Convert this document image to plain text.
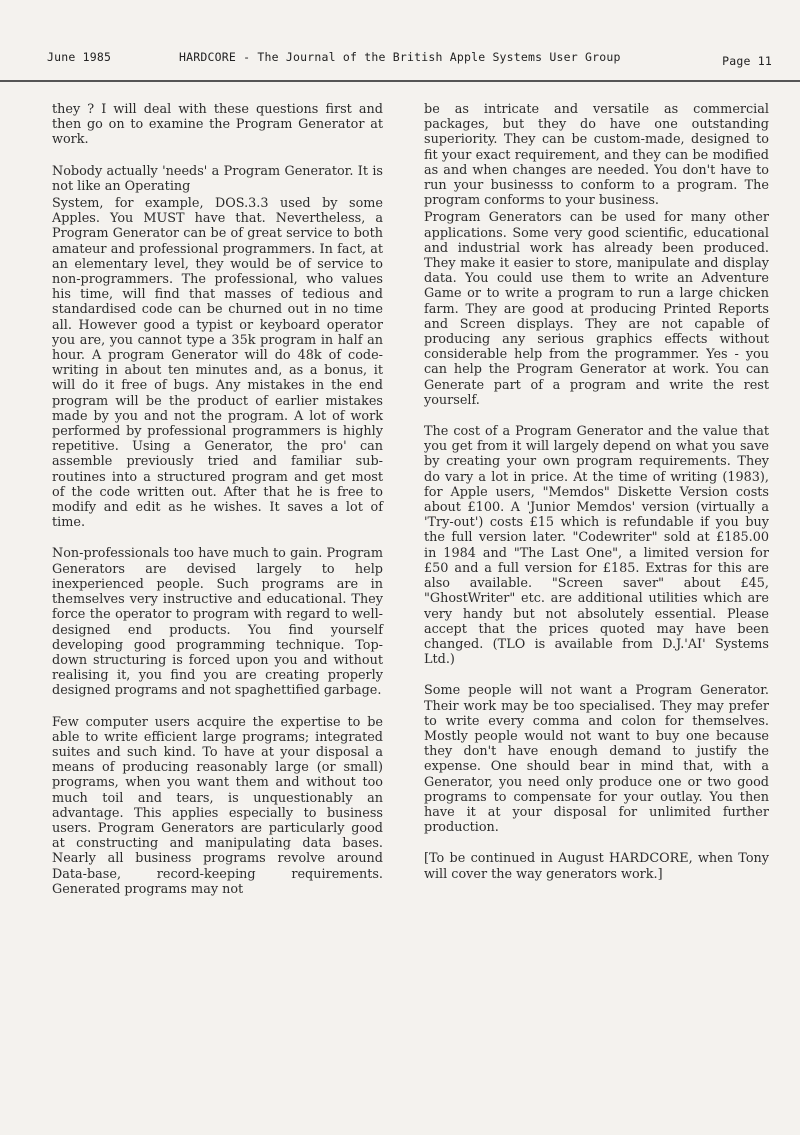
June 1985	HARDCORE - The Journal of the British Apple Systems User Group	Page 11

they ? I will deal with these questions first and then go on to examine the Program Generator at work.

Nobody actually 'needs' a Program Generator. It is not like an Operating

System, for example, DOS.3.3 used by some Apples. You MUST have that. Nevertheless, a Program Generator can be of great service to both amateur and professional programmers. In fact, at an elementary level, they would be of service to non-programmers. The professional, who values his time, will find that masses of tedious and standardised code can be churned out in no time all. However good a typist or keyboard operator you are, you cannot type a 35k program in half an hour. A program Generator will do 48k of code-writing in about ten minutes and, as a bonus, it will do it free of bugs. Any mistakes in the end program will be the product of earlier mistakes made by you and not the program. A lot of work performed by professional programmers is highly repetitive. Using a Generator, the pro' can assemble previously tried and familiar sub-routines into a structured program and get most of the code written out. After that he is free to modify and edit as he wishes. It saves a lot of time.

Non-professionals too have much to gain. Program Generators are devised largely to help inexperienced people. Such programs are in themselves very instructive and educational. They force the operator to program with regard to well-designed end products. You find yourself developing good programming technique. Top-down structuring is forced upon you and without realising it, you find you are creating properly designed programs and not spaghettified garbage.

Few computer users acquire the expertise to be able to write efficient large programs; integrated suites and such kind. To have at your disposal a means of producing reasonably large (or small) programs, when you want them and without too much toil and tears, is unquestionably an advantage. This applies especially to business users. Program Generators are particularly good at constructing and manipulating data bases. Nearly all business programs revolve around Data-base, record-keeping requirements. Generated programs may not

be as intricate and versatile as commercial packages, but they do have one outstanding superiority. They can be custom-made, designed to fit your exact requirement, and they can be modified as and when changes are needed. You don't have to run your businesss to conform to a program. The program conforms to your business.

Program Generators can be used for many other applications. Some very good scientific, educational and industrial work has already been produced. They make it easier to store, manipulate and display data. You could use them to write an Adventure Game or to write a program to run a large chicken farm. They are good at producing Printed Reports and Screen displays. They are not capable of producing any serious graphics effects without considerable help from the programmer. Yes - you can help the Program Generator at work. You can Generate part of a program and write the rest yourself.

The cost of a Program Generator and the value that you get from it will largely depend on what you save by creating your own program requirements. They do vary a lot in price. At the time of writing (1983), for Apple users, "Memdos" Diskette Version costs about £100. A 'Junior Memdos' version (virtually a 'Try-out') costs £15 which is refundable if you buy the full version later. "Codewriter" sold at £185.00 in 1984 and "The Last One", a limited version for £50 and a full version for £185. Extras for this are also available. "Screen saver" about £45, "GhostWriter" etc. are additional utilities which are very handy but not absolutely essential. Please accept that the prices quoted may have been changed. (TLO is available from D.J.'AI' Systems Ltd.)

Some people will not want a Program Generator. Their work may be too specialised. They may prefer to write every comma and colon for themselves. Mostly people would not want to buy one because they don't have enough demand to justify the expense. One should bear in mind that, with a Generator, you need only produce one or two good programs to compensate for your outlay. You then have it at your disposal for unlimited further production.

[To be continued in August HARDCORE, when Tony will cover the way generators work.]
